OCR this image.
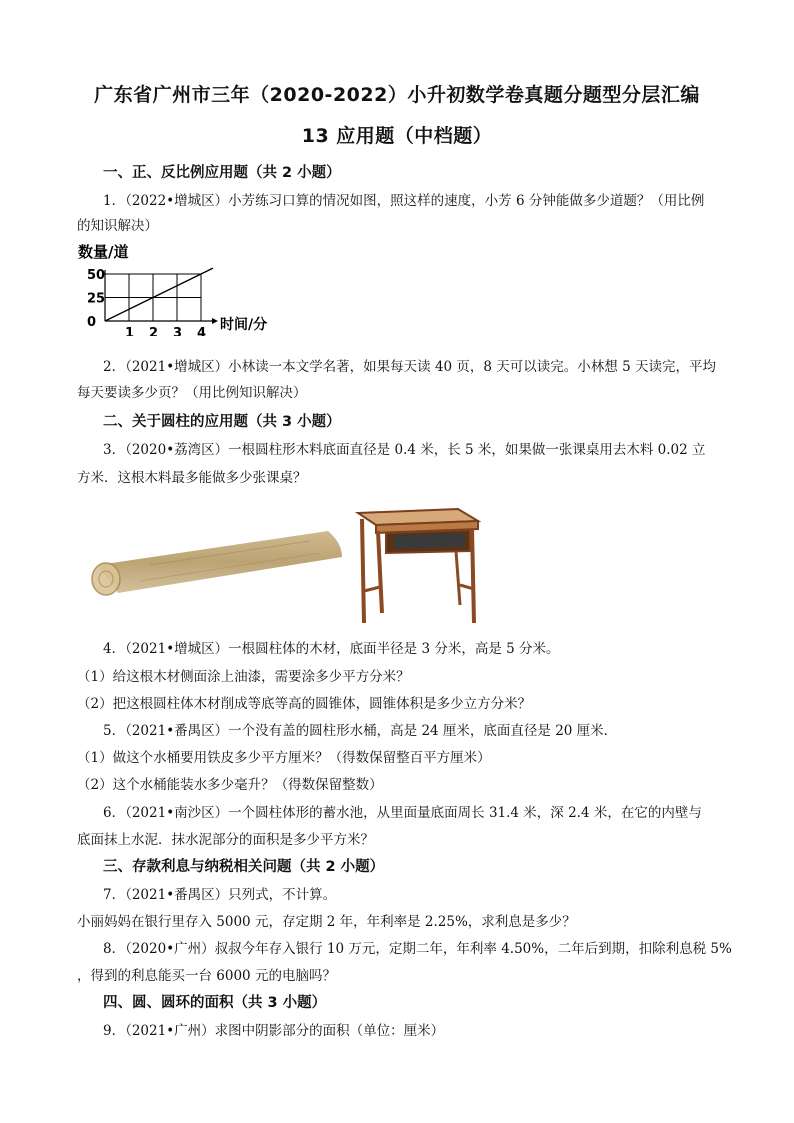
广东省广州市三年（2020-2022）小升初数学卷真题分题型分层汇编
13 应用题（中档题）
一、正、反比例应用题（共 2 小题）
1．（2022•增城区）小芳练习口算的情况如图，照这样的速度，小芳 6 分钟能做多少道题？（用比例
的知识解决）
数量/道
50
25
0
1 2 3 4
时间/分
2．（2021•增城区）小林读一本文学名著，如果每天读 40 页，8 天可以读完。小林想 5 天读完，平均
每天要读多少页？（用比例知识解决）
二、关于圆柱的应用题（共 3 小题）
3．（2020•荔湾区）一根圆柱形木料底面直径是 0.4 米，长 5 米，如果做一张课桌用去木料 0.02 立
方米．这根木料最多能做多少张课桌？
4．（2021•增城区）一根圆柱体的木材，底面半径是 3 分米，高是 5 分米。
（1）给这根木材侧面涂上油漆，需要涂多少平方分米？
（2）把这根圆柱体木材削成等底等高的圆锥体，圆锥体积是多少立方分米？
5．（2021•番禺区）一个没有盖的圆柱形水桶，高是 24 厘米，底面直径是 20 厘米．
（1）做这个水桶要用铁皮多少平方厘米？（得数保留整百平方厘米）
（2）这个水桶能装水多少毫升？（得数保留整数）
6．（2021•南沙区）一个圆柱体形的蓄水池，从里面量底面周长 31.4 米，深 2.4 米，在它的内壁与
底面抹上水泥．抹水泥部分的面积是多少平方米？
三、存款利息与纳税相关问题（共 2 小题）
7．（2021•番禺区）只列式，不计算。
小丽妈妈在银行里存入 5000 元，存定期 2 年，年利率是 2.25%，求利息是多少？
8．（2020•广州）叔叔今年存入银行 10 万元，定期二年，年利率 4.50%，二年后到期，扣除利息税 5%
，得到的利息能买一台 6000 元的电脑吗？
四、圆、圆环的面积（共 3 小题）
9．（2021•广州）求图中阴影部分的面积（单位：厘米）
